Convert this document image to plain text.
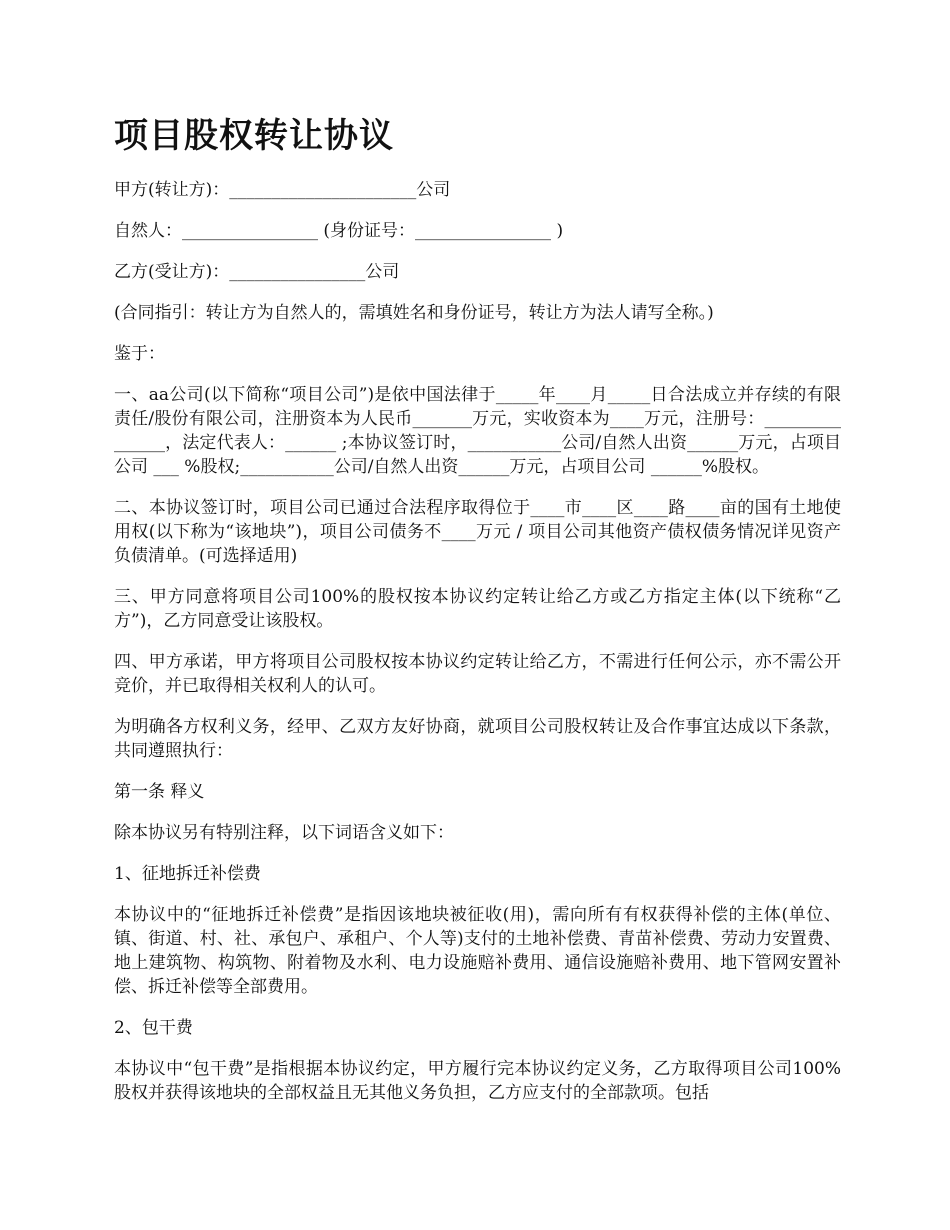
项目股权转让协议

甲方(转让方)：______________________公司

自然人：________________ (身份证号：________________ )

乙方(受让方)：________________公司

(合同指引：转让方为自然人的，需填姓名和身份证号，转让方为法人请写全称。)

鉴于：

一、aa公司(以下简称“项目公司”)是依中国法律于_____年____月_____日合法成立并存续的有限责任/股份有限公司，注册资本为人民币_______万元，实收资本为____万元，注册号：_______________，法定代表人：______ ;本协议签订时，___________公司/自然人出资______万元，占项目公司 ___ %股权;___________公司/自然人出资______万元，占项目公司 ______%股权。

二、本协议签订时，项目公司已通过合法程序取得位于____市____区____路____亩的国有土地使用权(以下称为“该地块”)，项目公司债务不____万元 / 项目公司其他资产债权债务情况详见资产负债清单。(可选择适用)

三、甲方同意将项目公司100%的股权按本协议约定转让给乙方或乙方指定主体(以下统称“乙方”)，乙方同意受让该股权。

四、甲方承诺，甲方将项目公司股权按本协议约定转让给乙方，不需进行任何公示，亦不需公开竞价，并已取得相关权利人的认可。

为明确各方权利义务，经甲、乙双方友好协商，就项目公司股权转让及合作事宜达成以下条款，共同遵照执行：

第一条 释义

除本协议另有特别注释，以下词语含义如下：

1、征地拆迁补偿费

本协议中的“征地拆迁补偿费”是指因该地块被征收(用)，需向所有有权获得补偿的主体(单位、镇、街道、村、社、承包户、承租户、个人等)支付的土地补偿费、青苗补偿费、劳动力安置费、地上建筑物、构筑物、附着物及水利、电力设施赔补费用、通信设施赔补费用、地下管网安置补偿、拆迁补偿等全部费用。

2、包干费

本协议中“包干费”是指根据本协议约定，甲方履行完本协议约定义务，乙方取得项目公司100%股权并获得该地块的全部权益且无其他义务负担，乙方应支付的全部款项。包括
